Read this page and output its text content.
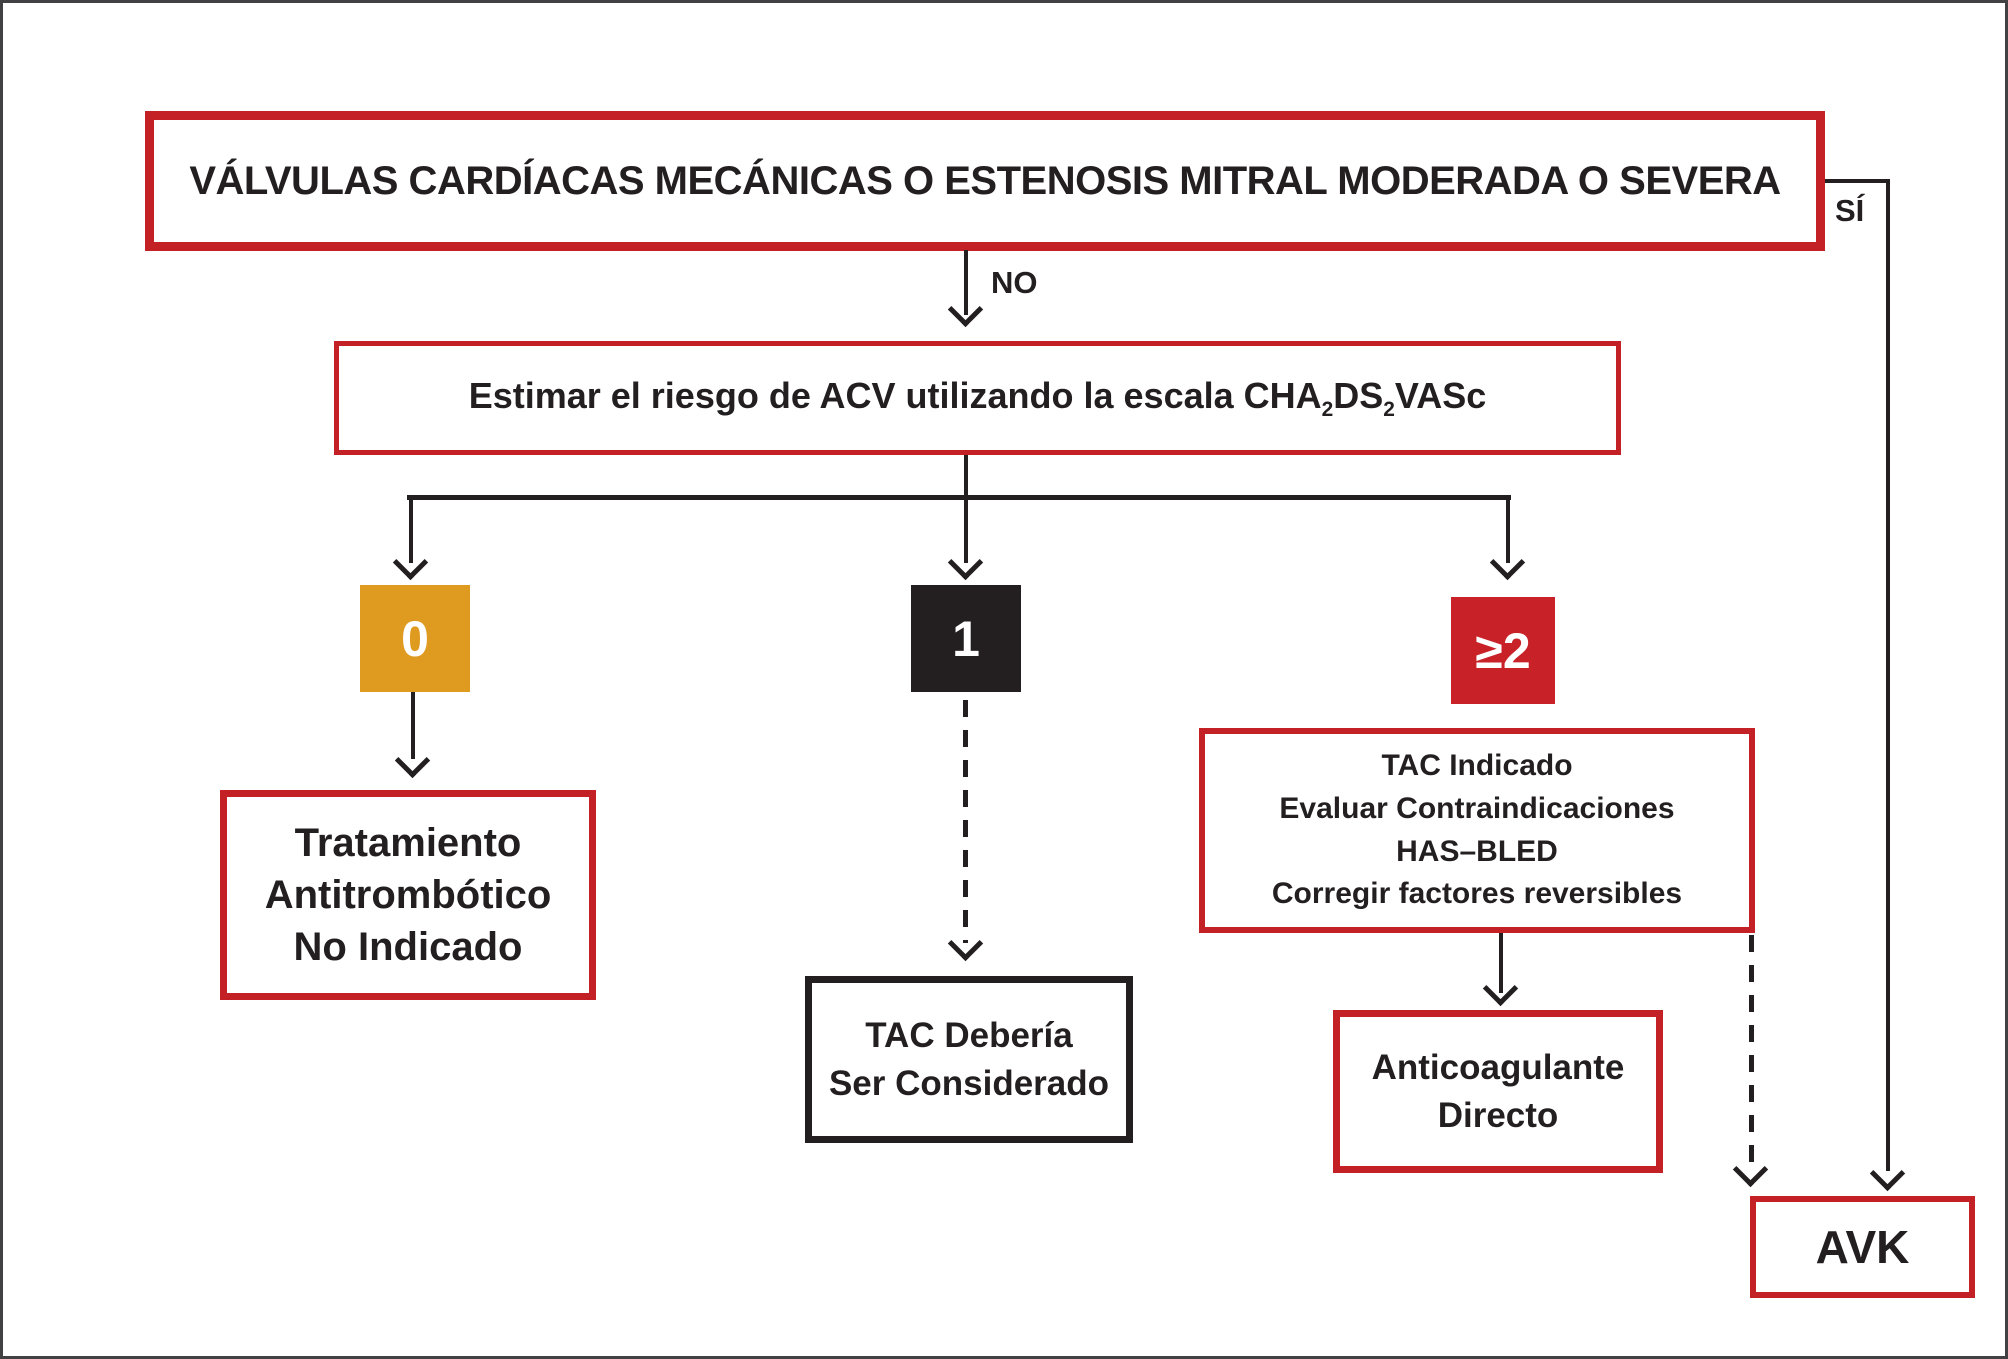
VÁLVULAS CARDÍACAS MECÁNICAS O ESTENOSIS MITRAL MODERADA O SEVERA
SÍ
NO
Estimar el riesgo de ACV utilizando la escala $CHA_2DS_2VASc$
0	1	≥2
Tratamiento
Antitrombótico
No Indicado
TAC Debería
Ser Considerado
TAC Indicado
Evaluar Contraindicaciones
HAS–BLED
Corregir factores reversibles
Anticoagulante
Directo
AVK
